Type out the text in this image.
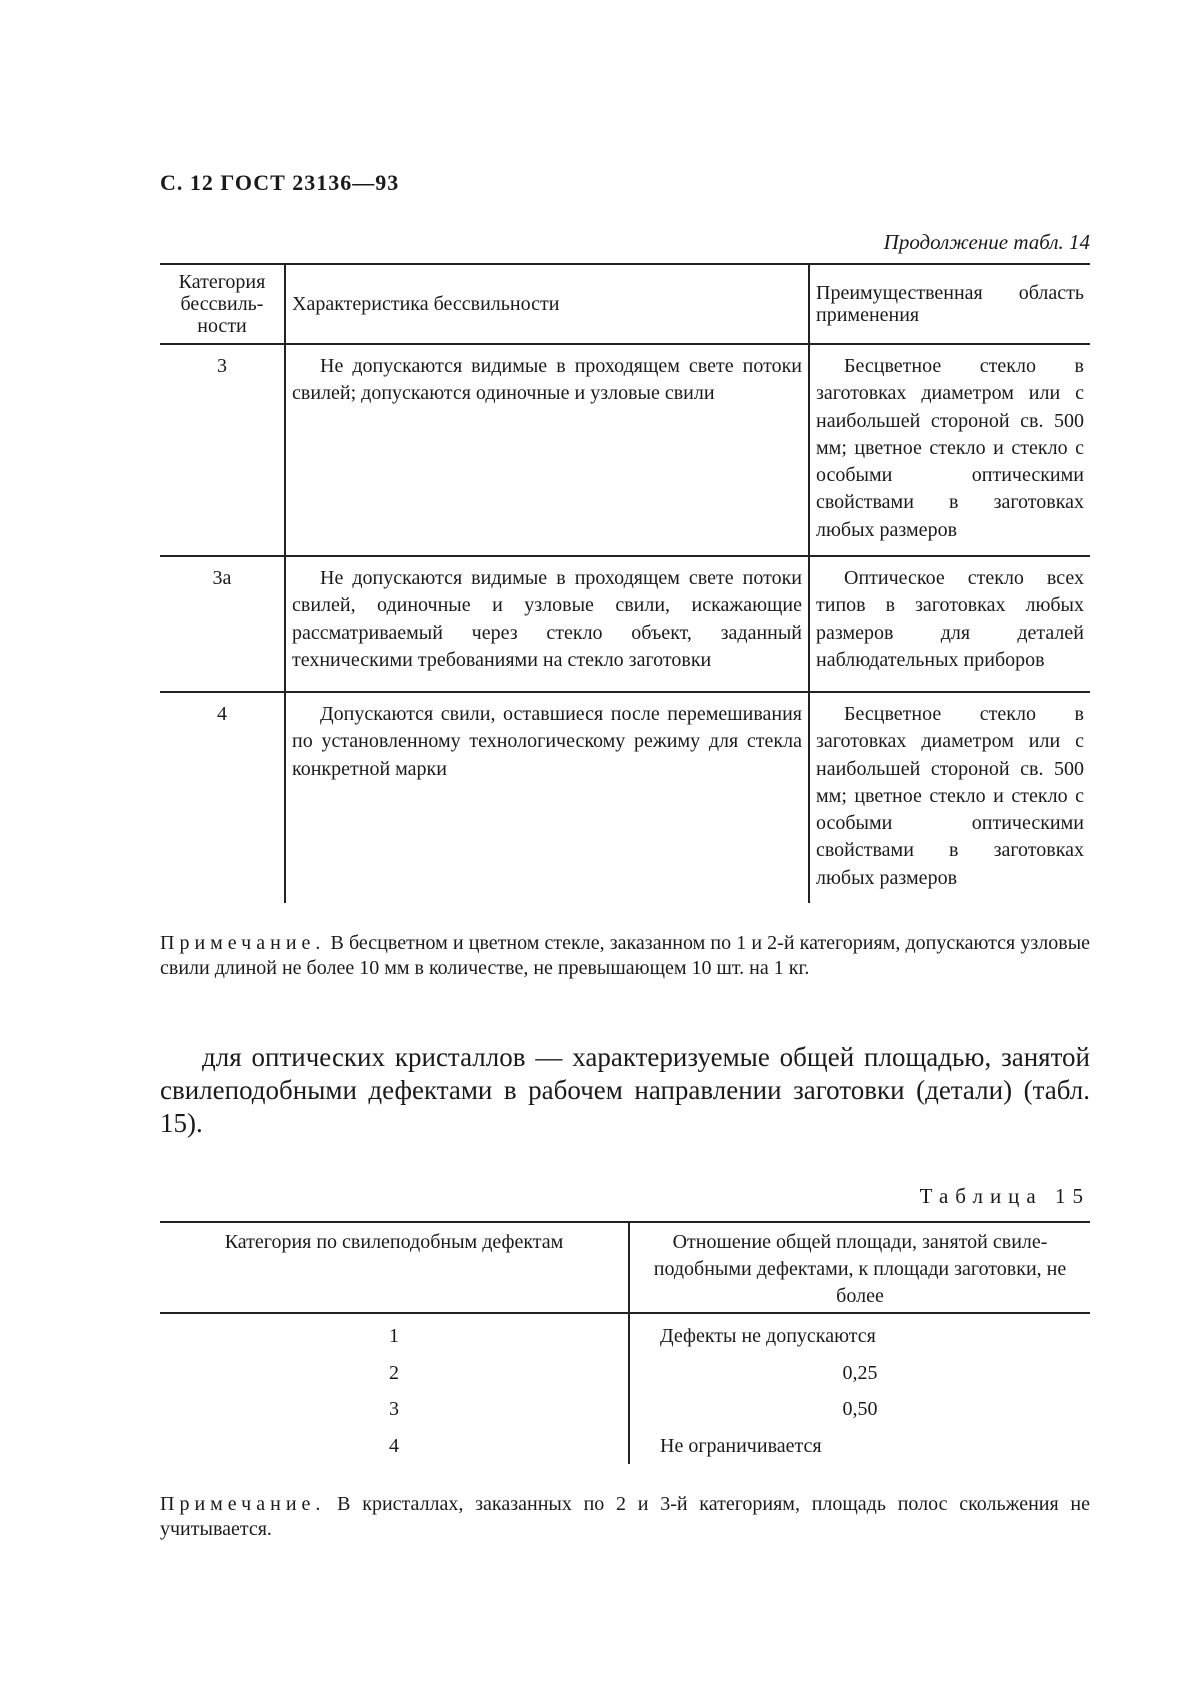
С. 12 ГОСТ 23136—93
Продолжение табл. 14
Категория бессвиль-ности	Характеристика бессвильности	Преимущественная область применения
3	Не допускаются видимые в проходящем свете потоки свилей; допускаются одиночные и узловые свили	Бесцветное стекло в заготовках диаметром или с наибольшей стороной св. 500 мм; цветное стекло и стекло с особыми оптическими свойствами в заготовках любых размеров
3а	Не допускаются видимые в проходящем свете потоки свилей, одиночные и узловые свили, искажающие рассматриваемый через стекло объект, заданный техническими требованиями на стекло заготовки	Оптическое стекло всех типов в заготовках любых размеров для деталей наблюдательных приборов
4	Допускаются свили, оставшиеся после перемешивания по установленному технологическому режиму для стекла конкретной марки	Бесцветное стекло в заготовках диаметром или с наибольшей стороной св. 500 мм; цветное стекло и стекло с особыми оптическими свойствами в заготовках любых размеров

Примечание. В бесцветном и цветном стекле, заказанном по 1 и 2-й категориям, допускаются узловые свили длиной не более 10 мм в количестве, не превышающем 10 шт. на 1 кг.

для оптических кристаллов — характеризуемые общей площадью, занятой свилеподобными дефектами в рабочем направлении заготовки (детали) (табл. 15).

Таблица 15
Категория по свилеподобным дефектам	Отношение общей площади, занятой свиле-подобными дефектами, к площади заготовки, не более
1	Дефекты не допускаются
2	0,25
3	0,50
4	Не ограничивается

Примечание. В кристаллах, заказанных по 2 и 3-й категориям, площадь полос скольжения не учитывается.
